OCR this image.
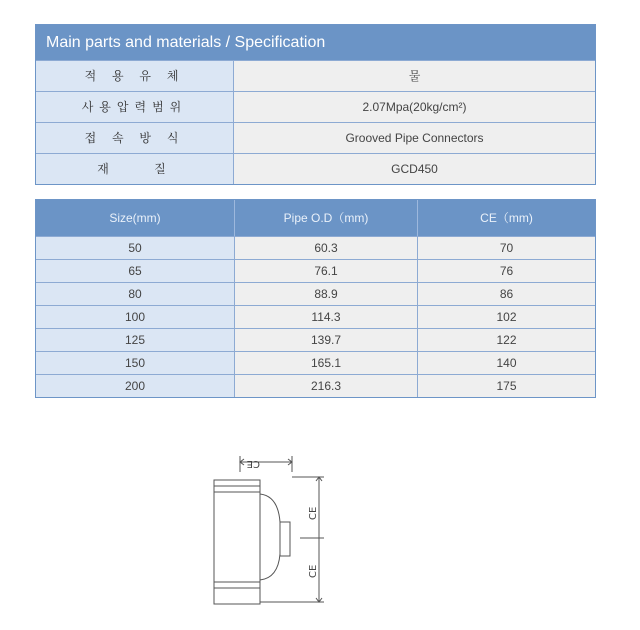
Main parts and materials / Specification
적 용 유 체	물
사용압력범위	2.07Mpa(20kg/cm²)
접 속 방 식	Grooved Pipe Connectors
재    질	GCD450
Size(mm)	Pipe O.D（mm)	CE（mm)
50	60.3	70
65	76.1	76
80	88.9	86
100	114.3	102
125	139.7	122
150	165.1	140
200	216.3	175
CE
CE
CE
